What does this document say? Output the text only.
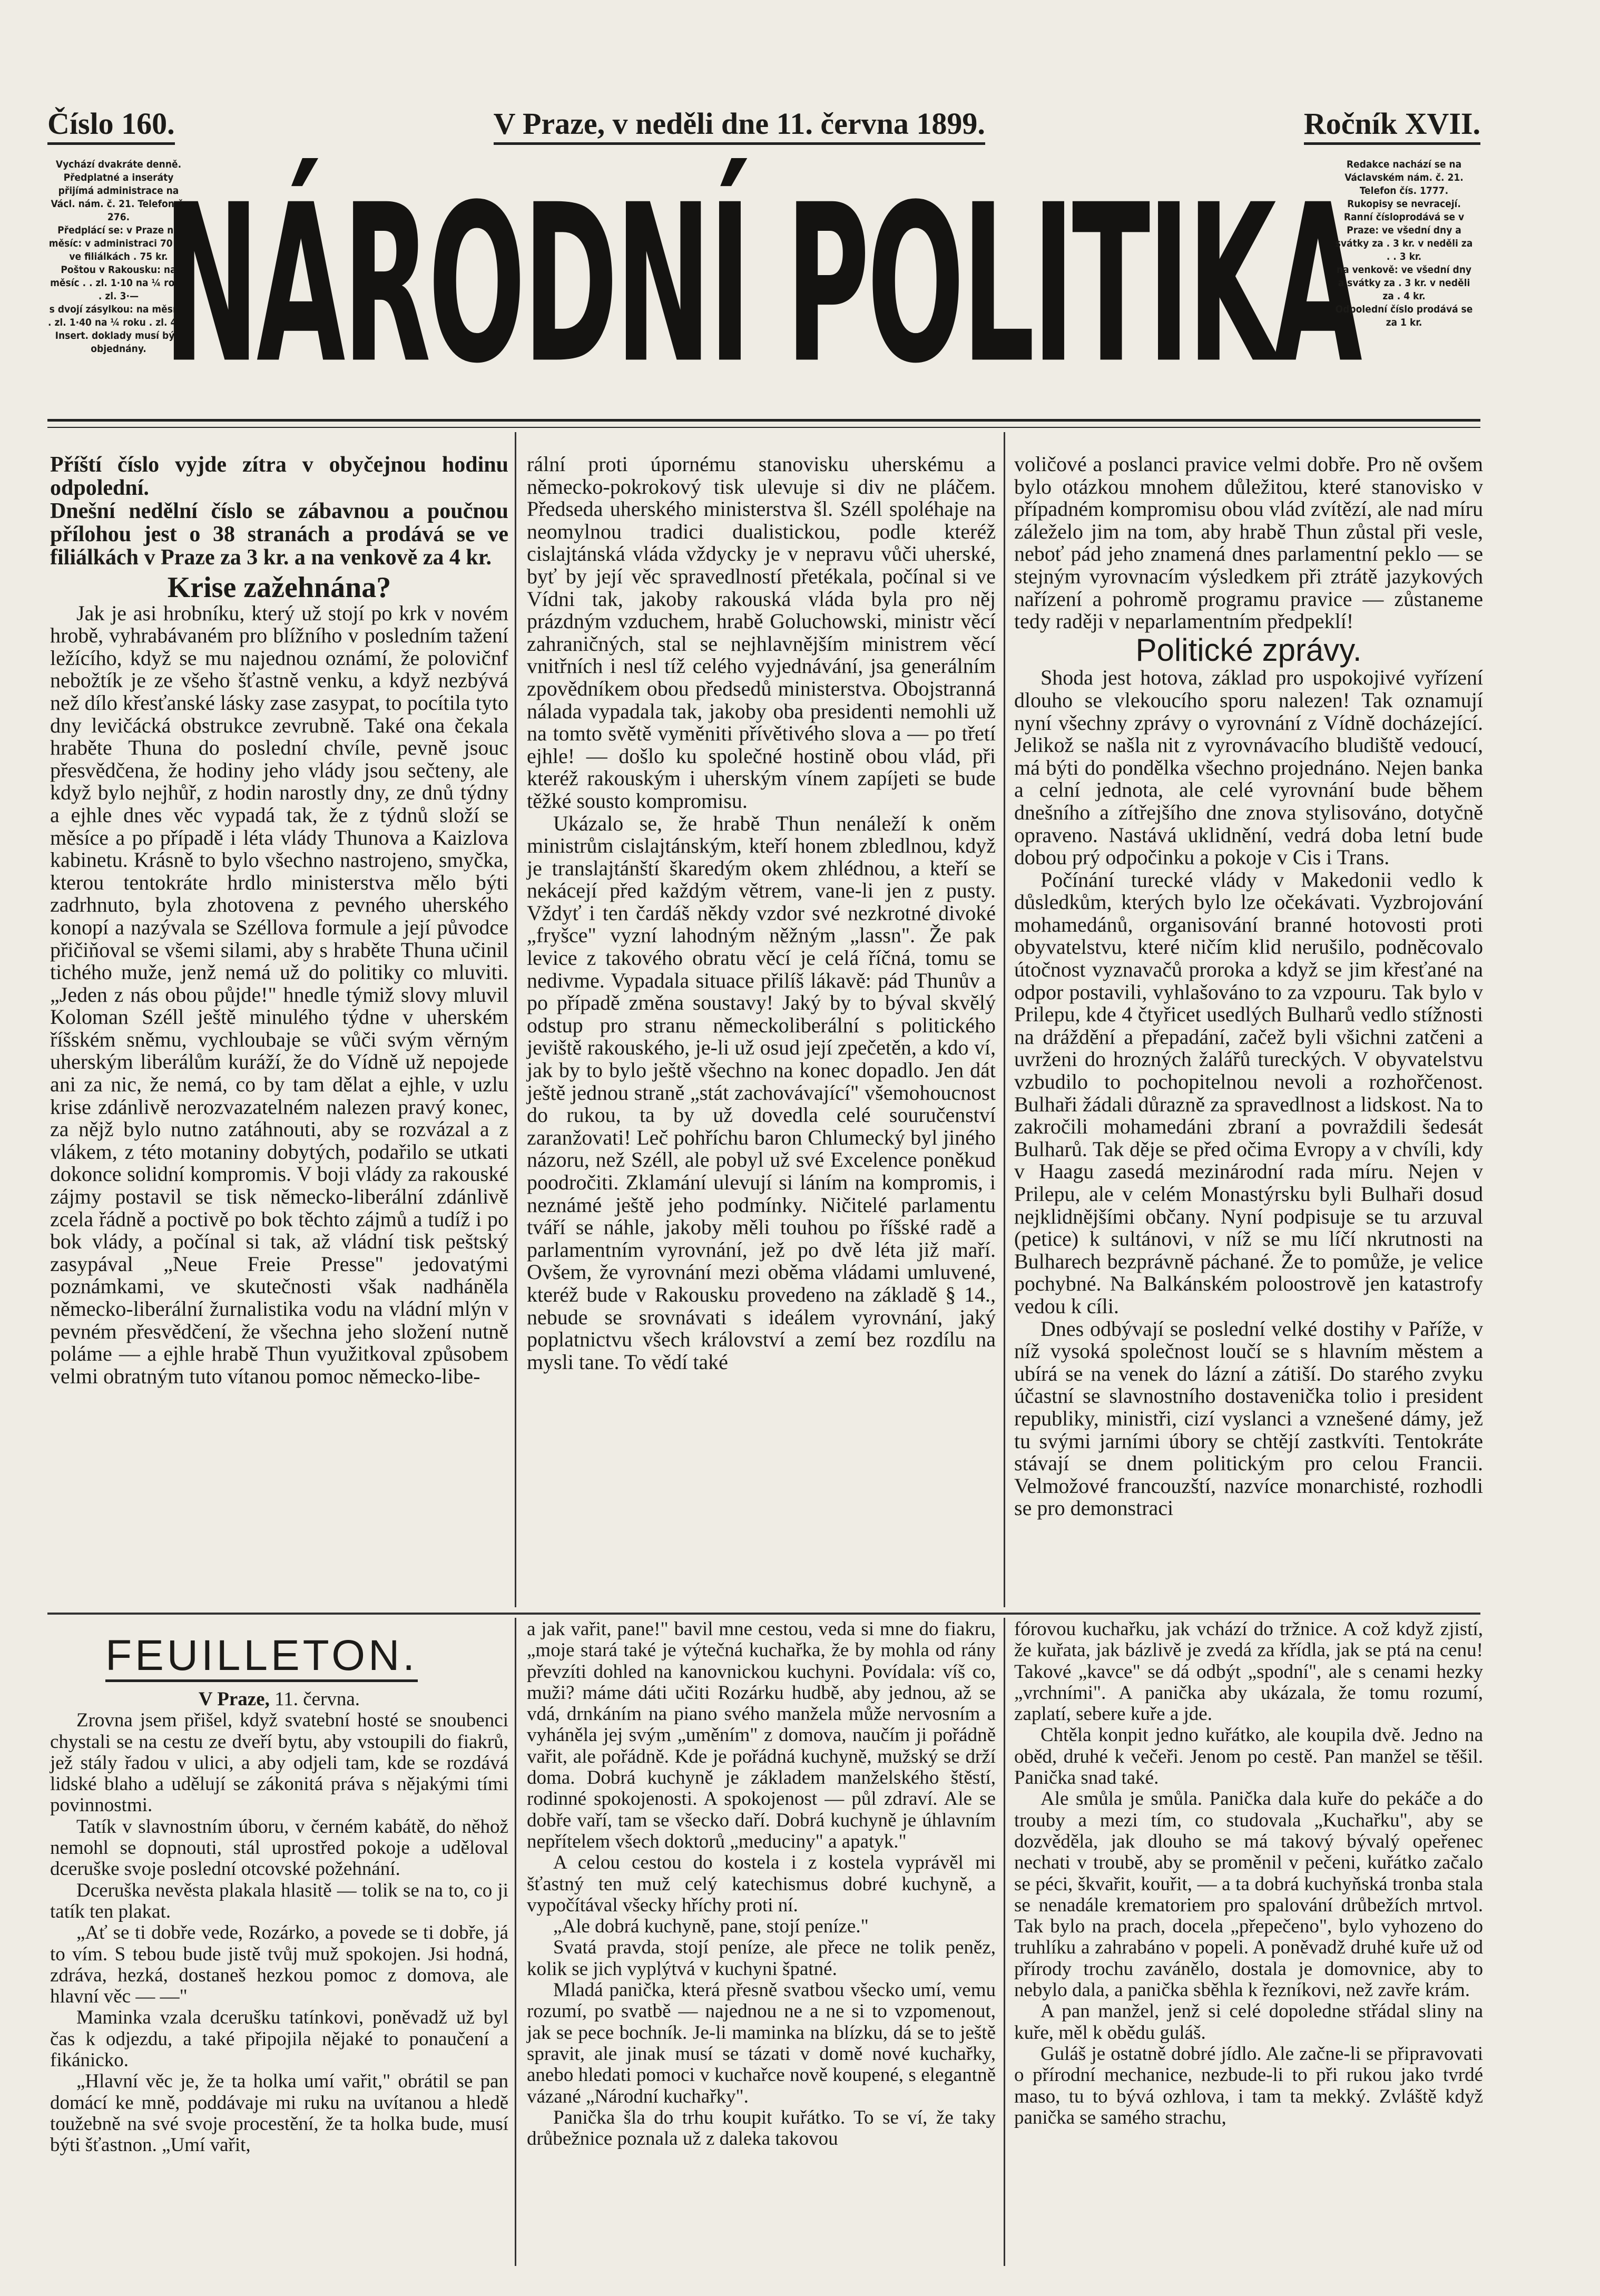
Číslo 160.	V Praze, v neděli dne 11. června 1899.	Ročník XVII.
Vychází dvakráte denně.
Předplatné a inseráty přijímá administrace na Václ. nám. č. 21. Telefon č. 276.
Předplácí se: v Praze na měsíc: v administraci 70 kr. ve filiálkách . 75 kr.
Poštou v Rakousku: na měsíc . . zl. 1·10 na ¼ roku . zl. 3·—
s dvojí zásylkou: na měsíc . . zl. 1·40 na ¼ roku . zl. 4·—
Insert. doklady musí býti objednány. NÁRODNÍ POLITIKA
Redakce nachází se na Václavském nám. č. 21.
Telefon čís. 1777.
Rukopisy se nevracejí.
Ranní čísloprodává se v Praze: ve všední dny a svátky za . 3 kr. v neděli za . . 3 kr.
na venkově: ve všední dny a svátky za . 3 kr. v neděli za . 4 kr.
Odpolední číslo prodává se za 1 kr.

Příští číslo vyjde zítra v obyčejnou hodinu odpolední.

Dnešní nedělní číslo se zábavnou a poučnou přílohou jest o 38 stranách a prodává se ve filiálkách v Praze za 3 kr. a na venkově za 4 kr.

Krise zažehnána?

Jak je asi hrobníku, který už stojí po krk v novém hrobě, vyhrabávaném pro blížního v posledním tažení ležícího, když se mu najednou oznámí, že polovičnf nebožtík je ze všeho šťastně venku, a když nezbývá než dílo křesťanské lásky zase zasypat, to pocítila tyto dny levičácká obstrukce zevrubně. Také ona čekala hraběte Thuna do poslední chvíle, pevně jsouc přesvědčena, že hodiny jeho vlády jsou sečteny, ale když bylo nejhůř, z hodin narostly dny, ze dnů týdny a ejhle dnes věc vypadá tak, že z týdnů složí se měsíce a po případě i léta vlády Thunova a Kaizlova kabinetu. Krásně to bylo všechno nastrojeno, smyčka, kterou tentokráte hrdlo ministerstva mělo býti zadrhnuto, byla zhotovena z pevného uherského konopí a nazývala se Széllova formule a její původce přičiňoval se všemi silami, aby s hraběte Thuna učinil tichého muže, jenž nemá už do politiky co mluviti. „Jeden z nás obou půjde!" hnedle týmiž slovy mluvil Koloman Széll ještě minulého týdne v uherském říšském sněmu, vychloubaje se vůči svým věrným uherským liberálům kuráží, že do Vídně už nepojede ani za nic, že nemá, co by tam dělat a ejhle, v uzlu krise zdánlivě nerozvazatelném nalezen pravý konec, za nějž bylo nutno zatáhnouti, aby se rozvázal a z vlákem, z této motaniny dobytých, podařilo se utkati dokonce solidní kompromis. V boji vlády za rakouské zájmy postavil se tisk německo-liberální zdánlivě zcela řádně a poctivě po bok těchto zájmů a tudíž i po bok vlády, a počínal si tak, až vládní tisk peštský zasypával „Neue Freie Presse" jedovatými poznámkami, ve skutečnosti však nadháněla německo-liberální žurnalistika vodu na vládní mlýn v pevném přesvědčení, že všechna jeho složení nutně poláme — a ejhle hrabě Thun využitkoval způsobem velmi obratným tuto vítanou pomoc německo-libe-

rální proti úpornému stanovisku uherskému a německo-pokrokový tisk ulevuje si div ne pláčem. Předseda uherského ministerstva šl. Széll spoléhaje na neomylnou tradici dualistickou, podle kteréž cislajtánská vláda vždycky je v nepravu vůči uherské, byť by její věc spravedlností přetékala, počínal si ve Vídni tak, jakoby rakouská vláda byla pro něj prázdným vzduchem, hrabě Goluchowski, ministr věcí zahraničných, stal se nejhlavnějším ministrem věcí vnitřních i nesl tíž celého vyjednávání, jsa generálním zpovědníkem obou předsedů ministerstva. Obojstranná nálada vypadala tak, jakoby oba presidenti nemohli už na tomto světě vyměniti přívětivého slova a — po třetí ejhle! — došlo ku společné hostině obou vlád, při kteréž rakouským i uherským vínem zapíjeti se bude těžké sousto kompromisu.

Ukázalo se, že hrabě Thun nenáleží k oněm ministrům cislajtánským, kteří honem zbledlnou, když je translajtánští škaredým okem zhlédnou, a kteří se nekácejí před každým větrem, vane-li jen z pusty. Vždyť i ten čardáš někdy vzdor své nezkrotné divoké „fryšce" vyzní lahodným něžným „lassn". Že pak levice z takového obratu věcí je celá říčná, tomu se nedivme. Vypadala situace přilíš lákavě: pád Thunův a po případě změna soustavy! Jaký by to býval skvělý odstup pro stranu německoliberální s politického jeviště rakouského, je-li už osud její zpečetěn, a kdo ví, jak by to bylo ještě všechno na konec dopadlo. Jen dát ještě jednou straně „stát zachovávající" všemohoucnost do rukou, ta by už dovedla celé souručenství zaranžovati! Leč pohříchu baron Chlumecký byl jiného názoru, než Széll, ale pobyl už své Excelence poněkud poodročiti. Zklamání ulevují si láním na kompromis, i neznámé ještě jeho podmínky. Ničitelé parlamentu tváří se náhle, jakoby měli touhou po říšské radě a parlamentním vyrovnání, jež po dvě léta již maří. Ovšem, že vyrovnání mezi oběma vládami umluvené, kteréž bude v Rakousku provedeno na základě § 14., nebude se srovnávati s ideálem vyrovnání, jaký poplatnictvu všech království a zemí bez rozdílu na mysli tane. To vědí také

voličové a poslanci pravice velmi dobře. Pro ně ovšem bylo otázkou mnohem důležitou, které stanovisko v případném kompromisu obou vlád zvítězí, ale nad míru záleželo jim na tom, aby hrabě Thun zůstal při vesle, neboť pád jeho znamená dnes parlamentní peklo — se stejným vyrovnacím výsledkem při ztrátě jazykových nařízení a pohromě programu pravice — zůstaneme tedy raději v neparlamentním předpeklí!

Politické zprávy.

Shoda jest hotova, základ pro uspokojivé vyřízení dlouho se vlekoucího sporu nalezen! Tak oznamují nyní všechny zprávy o vyrovnání z Vídně docházející. Jelikož se našla nit z vyrovnávacího bludiště vedoucí, má býti do pondělka všechno projednáno. Nejen banka a celní jednota, ale celé vyrovnání bude během dnešního a zítřejšího dne znova stylisováno, dotyčně opraveno. Nastává uklidnění, vedrá doba letní bude dobou prý odpočinku a pokoje v Cis i Trans.

Počínání turecké vlády v Makedonii vedlo k důsledkům, kterých bylo lze očekávati. Vyzbrojování mohamedánů, organisování branné hotovosti proti obyvatelstvu, které ničím klid nerušilo, podněcovalo útočnost vyznavačů proroka a když se jim křesťané na odpor postavili, vyhlašováno to za vzpouru. Tak bylo v Prilepu, kde 4 čtyřicet usedlých Bulharů vedlo stížnosti na dráždění a přepadání, začež byli všichni zatčeni a uvrženi do hrozných žalářů tureckých. V obyvatelstvu vzbudilo to pochopitelnou nevoli a rozhořčenost. Bulhaři žádali důrazně za spravedlnost a lidskost. Na to zakročili mohamedáni zbraní a povraždili šedesát Bulharů. Tak děje se před očima Evropy a v chvíli, kdy v Haagu zasedá mezinárodní rada míru. Nejen v Prilepu, ale v celém Monastýrsku byli Bulhaři dosud nejklidnějšími občany. Nyní podpisuje se tu arzuval (petice) k sultánovi, v níž se mu líčí nkrutnosti na Bulharech bezprávně páchané. Že to pomůže, je velice pochybné. Na Balkánském poloostrově jen katastrofy vedou k cíli.

Dnes odbývají se poslední velké dostihy v Paříže, v níž vysoká společnost loučí se s hlavním městem a ubírá se na venek do lázní a zátiší. Do starého zvyku účastní se slavnostního dostavenička tolio i president republiky, ministři, cizí vyslanci a vznešené dámy, jež tu svými jarními úbory se chtějí zastkvíti. Tentokráte stávají se dnem politickým pro celou Francii. Velmožové francouzští, nazvíce monarchisté, rozhodli se pro demonstraci

FEUILLETON.

V Praze, 11. června.

Zrovna jsem přišel, když svatební hosté se snoubenci chystali se na cestu ze dveří bytu, aby vstoupili do fiakrů, jež stály řadou v ulici, a aby odjeli tam, kde se rozdává lidské blaho a udělují se zákonitá práva s nějakými tími povinnostmi.

Tatík v slavnostním úboru, v černém kabátě, do něhož nemohl se dopnouti, stál uprostřed pokoje a uděloval dceruške svoje poslední otcovské požehnání.

Dceruška nevěsta plakala hlasitě — tolik se na to, co ji tatík ten plakat.

„Ať se ti dobře vede, Rozárko, a povede se ti dobře, já to vím. S tebou bude jistě tvůj muž spokojen. Jsi hodná, zdráva, hezká, dostaneš hezkou pomoc z domova, ale hlavní věc — —"

Maminka vzala dcerušku tatínkovi, poněvadž už byl čas k odjezdu, a také připojila nějaké to ponaučení a fikánicko.

„Hlavní věc je, že ta holka umí vařit," obrátil se pan domácí ke mně, poddávaje mi ruku na uvítanou a hledě toužebně na své svoje procestění, že ta holka bude, musí býti šťastnon. „Umí vařit,

a jak vařit, pane!" bavil mne cestou, veda si mne do fiakru, „moje stará také je výtečná kuchařka, že by mohla od rány převzíti dohled na kanovnickou kuchyni. Povídala: víš co, muži? máme dáti učiti Rozárku hudbě, aby jednou, až se vdá, drnkáním na piano svého manžela může nervosním a vyháněla jej svým „uměním" z domova, naučím ji pořádně vařit, ale pořádně. Kde je pořádná kuchyně, mužský se drží doma. Dobrá kuchyně je základem manželského štěstí, rodinné spokojenosti. A spokojenost — půl zdraví. Ale se dobře vaří, tam se všecko daří. Dobrá kuchyně je úhlavním nepřítelem všech doktorů „meduciny" a apatyk."

A celou cestou do kostela i z kostela vyprávěl mi šťastný ten muž celý katechismus dobré kuchyně, a vypočítával všecky hříchy proti ní.

„Ale dobrá kuchyně, pane, stojí peníze."

Svatá pravda, stojí peníze, ale přece ne tolik peněz, kolik se jich vyplýtvá v kuchyni špatné.

Mladá panička, která přesně svatbou všecko umí, vemu rozumí, po svatbě — najednou ne a ne si to vzpomenout, jak se pece bochník. Je-li maminka na blízku, dá se to ještě spravit, ale jinak musí se tázati v domě nové kuchařky, anebo hledati pomoci v kuchařce nově koupené, s elegantně vázané „Národní kuchařky".

Panička šla do trhu koupit kuřátko. To se ví, že taky drůbežnice poznala už z daleka takovou

fórovou kuchařku, jak vchází do tržnice. A což když zjistí, že kuřata, jak bázlivě je zvedá za křídla, jak se ptá na cenu! Takové „kavce" se dá odbýt „spodní", ale s cenami hezky „vrchními". A panička aby ukázala, že tomu rozumí, zaplatí, sebere kuře a jde.

Chtěla konpit jedno kuřátko, ale koupila dvě. Jedno na oběd, druhé k večeři. Jenom po cestě. Pan manžel se těšil. Panička snad také.

Ale smůla je smůla. Panička dala kuře do pekáče a do trouby a mezi tím, co studovala „Kuchařku", aby se dozvěděla, jak dlouho se má takový bývalý opeřenec nechati v troubě, aby se proměnil v pečeni, kuřátko začalo se péci, škvařit, kouřit, — a ta dobrá kuchyňská tronba stala se nenadále krematoriem pro spalování drůbežích mrtvol. Tak bylo na prach, docela „přepečeno", bylo vyhozeno do truhlíku a zahrabáno v popeli. A poněvadž druhé kuře už od přírody trochu zavánělo, dostala je domovnice, aby to nebylo dala, a panička sběhla k řezníkovi, než zavře krám.

A pan manžel, jenž si celé dopoledne střádal sliny na kuře, měl k obědu guláš.

Guláš je ostatně dobré jídlo. Ale začne-li se připravovati o přírodní mechanice, nezbude-li to při rukou jako tvrdé maso, tu to bývá ozhlova, i tam ta mekký. Zvláště když panička se samého strachu,
